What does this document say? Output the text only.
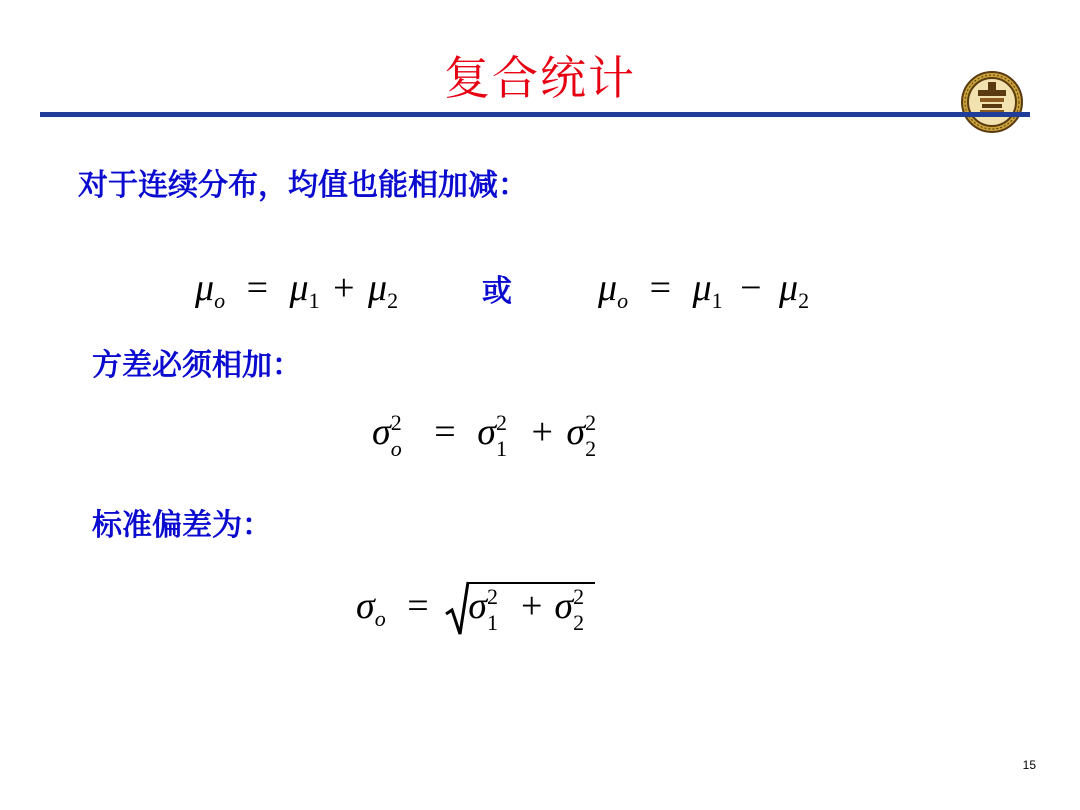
复合统计
对于连续分布，均值也能相加减：
$\mu_o = \mu_1 + \mu_2$	或 $\mu_o = \mu_1 - \mu_2$
方差必须相加：
σ 2
o = σ 2
1 + σ 2
2
标准偏差为：
$\sigma_o = \sigma$ 2
1 + σ 2
2
15
